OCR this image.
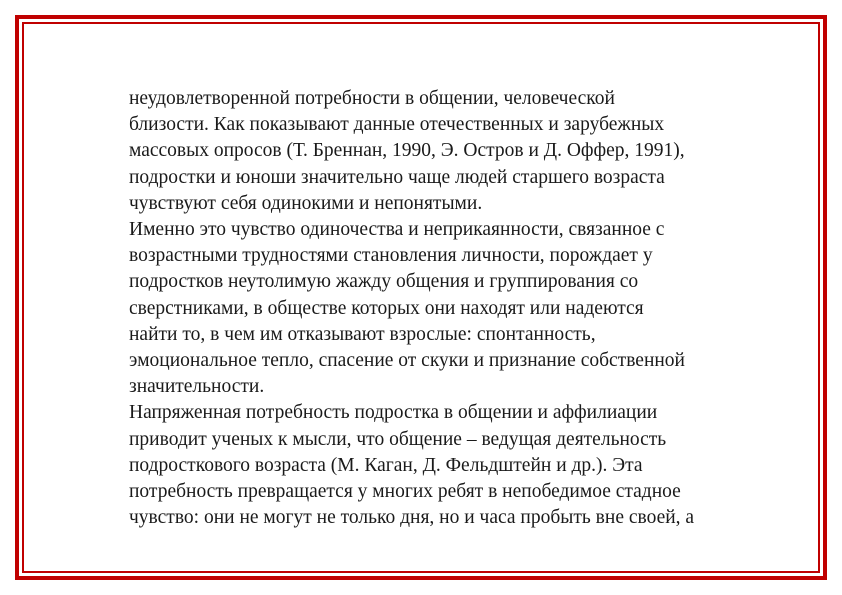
неудовлетворенной потребности в общении, человеческой
близости. Как показывают данные отечественных и зарубежных
массовых опросов (Т. Бреннан, 1990, Э. Остров и Д. Оффер, 1991),
подростки и юноши значительно чаще людей старшего возраста
чувствуют себя одинокими и непонятыми.
Именно это чувство одиночества и неприкаянности, связанное с
возрастными трудностями становления личности, порождает у
подростков неутолимую жажду общения и группирования со
сверстниками, в обществе которых они находят или надеются
найти то, в чем им отказывают взрослые: спонтанность,
эмоциональное тепло, спасение от скуки и признание собственной
значительности.
Напряженная потребность подростка в общении и аффилиации
приводит ученых к мысли, что общение – ведущая деятельность
подросткового возраста (М. Каган, Д. Фельдштейн и др.). Эта
потребность превращается у многих ребят в непобедимое стадное
чувство: они не могут не только дня, но и часа пробыть вне своей, а
